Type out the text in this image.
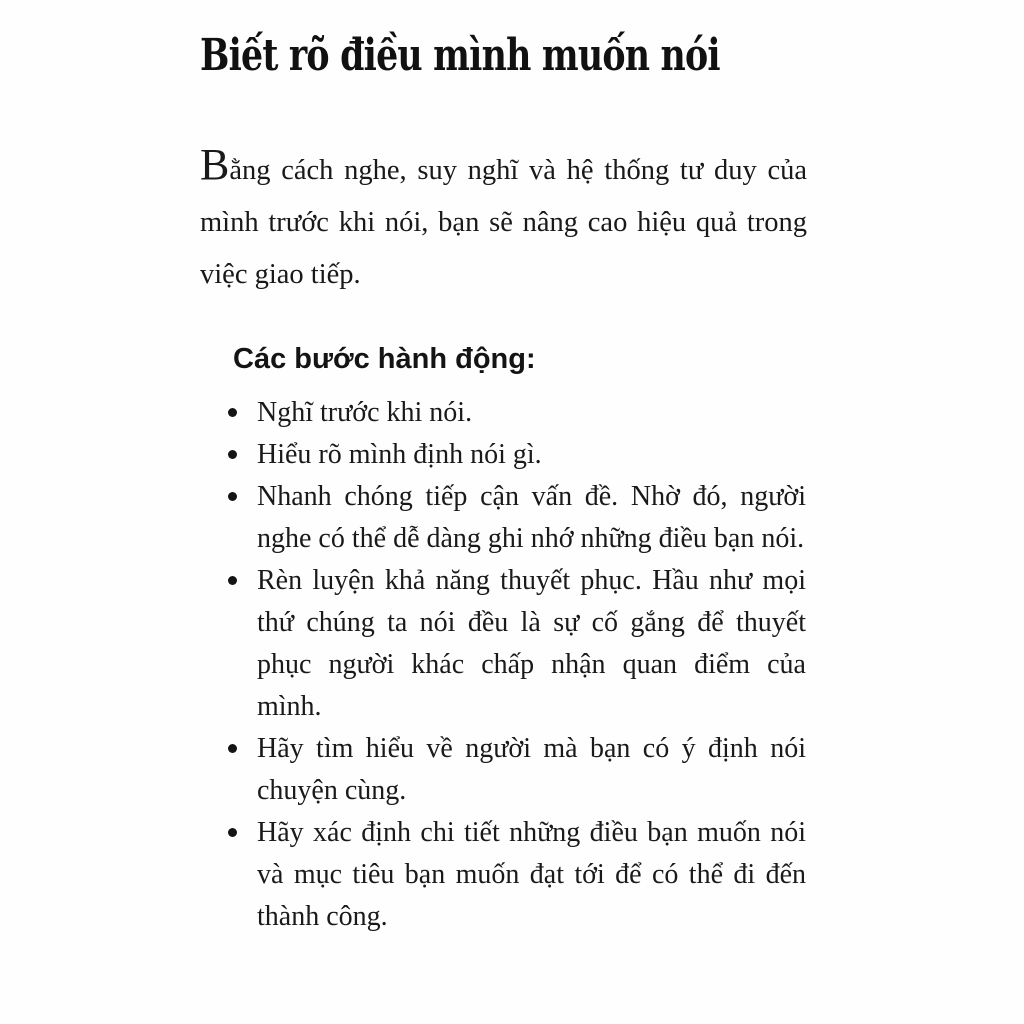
Biết rõ điều mình muốn nói

Bằng cách nghe, suy nghĩ và hệ thống tư duy của mình trước khi nói, bạn sẽ nâng cao hiệu quả trong việc giao tiếp.

Các bước hành động:
Nghĩ trước khi nói.
Hiểu rõ mình định nói gì.
Nhanh chóng tiếp cận vấn đề. Nhờ đó, người nghe có thể dễ dàng ghi nhớ những điều bạn nói.
Rèn luyện khả năng thuyết phục. Hầu như mọi thứ chúng ta nói đều là sự cố gắng để thuyết phục người khác chấp nhận quan điểm của mình.
Hãy tìm hiểu về người mà bạn có ý định nói chuyện cùng.
Hãy xác định chi tiết những điều bạn muốn nói và mục tiêu bạn muốn đạt tới để có thể đi đến thành công.
